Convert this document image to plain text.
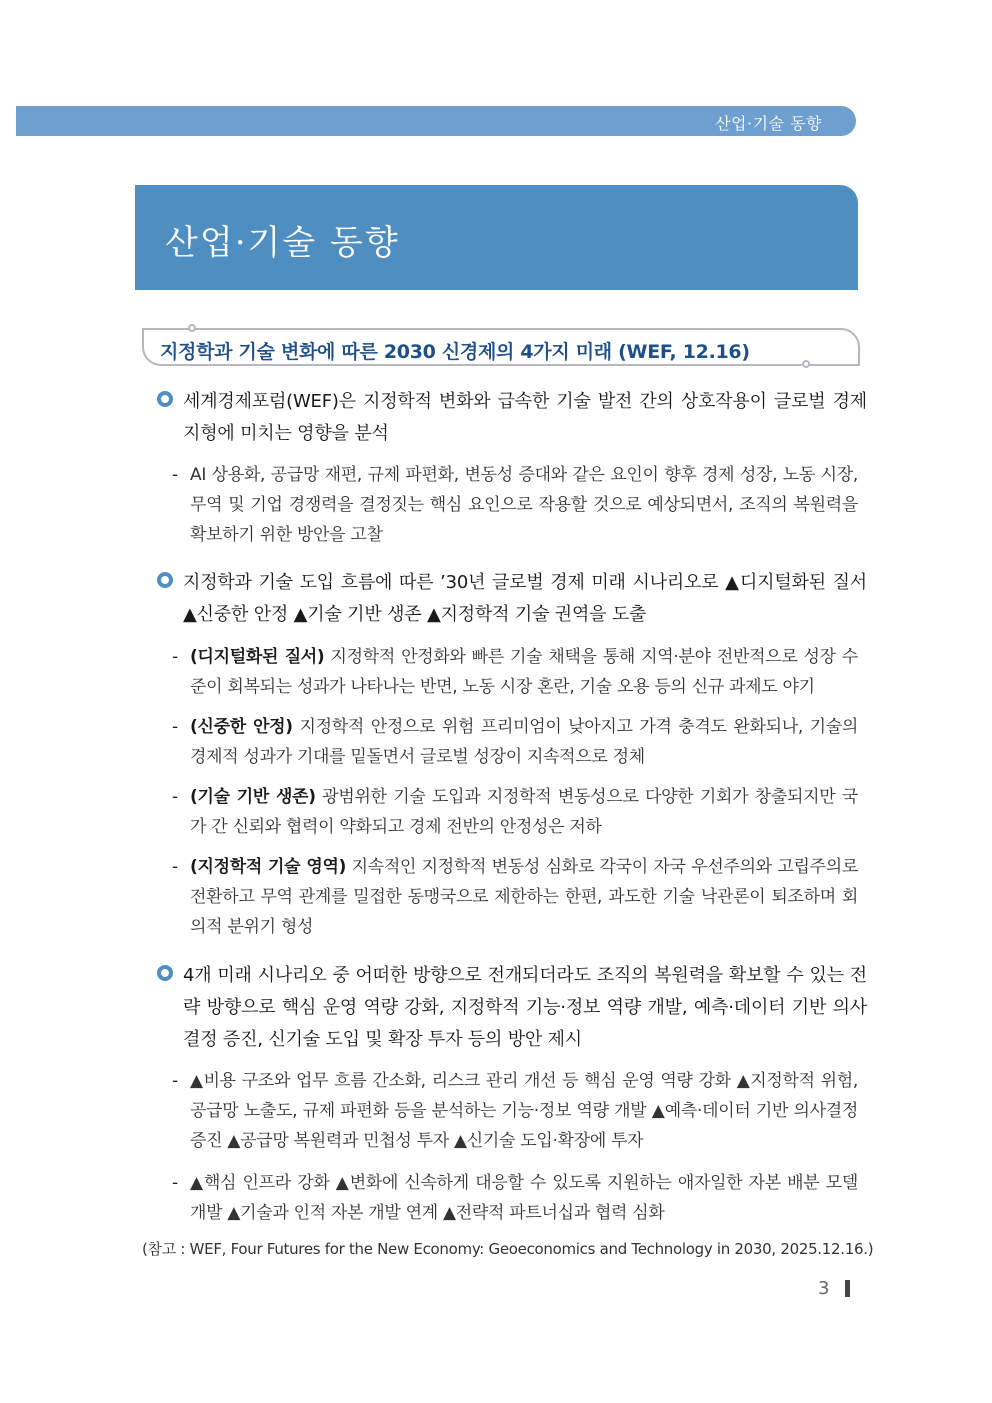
산업·기술 동향
산업·기술 동향
지정학과 기술 변화에 따른 2030 신경제의 4가지 미래 (WEF, 12.16)
세계경제포럼(WEF)은 지정학적 변화와 급속한 기술 발전 간의 상호작용이 글로벌 경제 지형에 미치는 영향을 분석
- AI 상용화, 공급망 재편, 규제 파편화, 변동성 증대와 같은 요인이 향후 경제 성장, 노동 시장, 무역 및 기업 경쟁력을 결정짓는 핵심 요인으로 작용할 것으로 예상되면서, 조직의 복원력을 확보하기 위한 방안을 고찰
지정학과 기술 도입 흐름에 따른 ’30년 글로벌 경제 미래 시나리오로 ▲디지털화된 질서 ▲신중한 안정 ▲기술 기반 생존 ▲지정학적 기술 권역을 도출
- (디지털화된 질서) 지정학적 안정화와 빠른 기술 채택을 통해 지역·분야 전반적으로 성장 수준이 회복되는 성과가 나타나는 반면, 노동 시장 혼란, 기술 오용 등의 신규 과제도 야기
- (신중한 안정) 지정학적 안정으로 위험 프리미엄이 낮아지고 가격 충격도 완화되나, 기술의 경제적 성과가 기대를 밑돌면서 글로벌 성장이 지속적으로 정체
- (기술 기반 생존) 광범위한 기술 도입과 지정학적 변동성으로 다양한 기회가 창출되지만 국가 간 신뢰와 협력이 약화되고 경제 전반의 안정성은 저하
- (지정학적 기술 영역) 지속적인 지정학적 변동성 심화로 각국이 자국 우선주의와 고립주의로 전환하고 무역 관계를 밀접한 동맹국으로 제한하는 한편, 과도한 기술 낙관론이 퇴조하며 회의적 분위기 형성
4개 미래 시나리오 중 어떠한 방향으로 전개되더라도 조직의 복원력을 확보할 수 있는 전략 방향으로 핵심 운영 역량 강화, 지정학적 기능·정보 역량 개발, 예측·데이터 기반 의사결정 증진, 신기술 도입 및 확장 투자 등의 방안 제시
- ▲비용 구조와 업무 흐름 간소화, 리스크 관리 개선 등 핵심 운영 역량 강화 ▲지정학적 위험, 공급망 노출도, 규제 파편화 등을 분석하는 기능·정보 역량 개발 ▲예측·데이터 기반 의사결정 증진 ▲공급망 복원력과 민첩성 투자 ▲신기술 도입·확장에 투자
- ▲핵심 인프라 강화 ▲변화에 신속하게 대응할 수 있도록 지원하는 애자일한 자본 배분 모델 개발 ▲기술과 인적 자본 개발 연계 ▲전략적 파트너십과 협력 심화
(참고 : WEF, Four Futures for the New Economy: Geoeconomics and Technology in 2030, 2025.12.16.)
3
